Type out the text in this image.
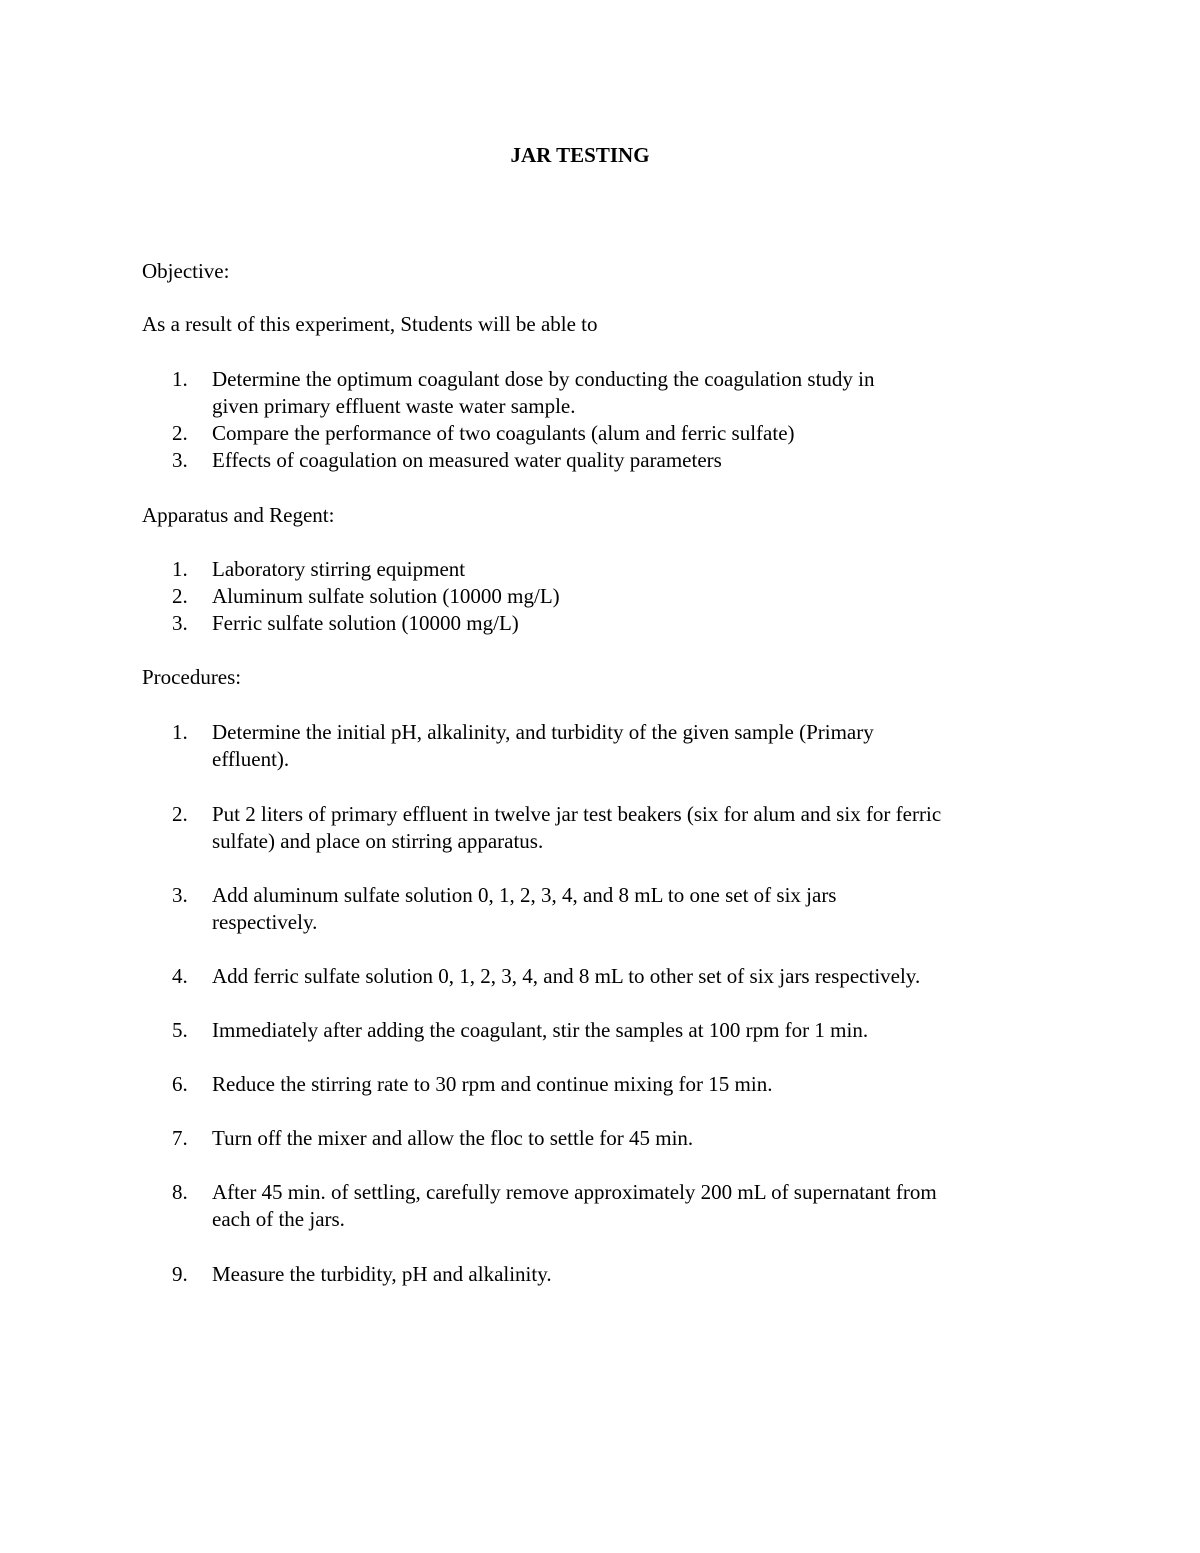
JAR TESTING
Objective:
As a result of this experiment, Students will be able to
1.	Determine the optimum coagulant dose by conducting the coagulation study in
given primary effluent waste water sample.
2.	Compare the performance of two coagulants (alum and ferric sulfate)
3.	Effects of coagulation on measured water quality parameters
Apparatus and Regent:
1.	Laboratory stirring equipment
2.	Aluminum sulfate solution (10000 mg/L)
3.	Ferric sulfate solution (10000 mg/L)
Procedures:
1.	Determine the initial pH, alkalinity, and turbidity of the given sample (Primary
effluent).
2.	Put 2 liters of primary effluent in twelve jar test beakers (six for alum and six for ferric
sulfate) and place on stirring apparatus.
3.	Add aluminum sulfate solution 0, 1, 2, 3, 4, and 8 mL to one set of six jars
respectively.
4.	Add ferric sulfate solution 0, 1, 2, 3, 4, and 8 mL to other set of six jars respectively.
5.	Immediately after adding the coagulant, stir the samples at 100 rpm for 1 min.
6.	Reduce the stirring rate to 30 rpm and continue mixing for 15 min.
7.	Turn off the mixer and allow the floc to settle for 45 min.
8.	After 45 min. of settling, carefully remove approximately 200 mL of supernatant from
each of the jars.
9.	Measure the turbidity, pH and alkalinity.
